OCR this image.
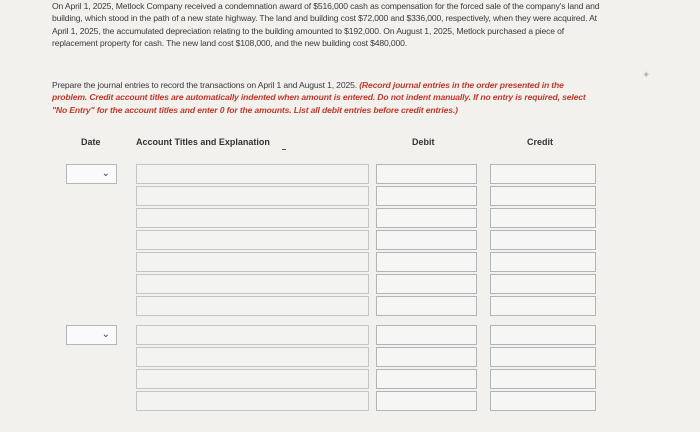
On April 1, 2025, Metlock Company received a condemnation award of $516,000 cash as compensation for the forced sale of the company's land and building, which stood in the path of a new state highway. The land and building cost $72,000 and $336,000, respectively, when they were acquired. At April 1, 2025, the accumulated depreciation relating to the building amounted to $192,000. On August 1, 2025, Metlock purchased a piece of replacement property for cash. The new land cost $108,000, and the new building cost $480,000.

Prepare the journal entries to record the transactions on April 1 and August 1, 2025. (Record journal entries in the order presented in the problem. Credit account titles are automatically indented when amount is entered. Do not indent manually. If no entry is required, select "No Entry" for the account titles and enter 0 for the amounts. List all debit entries before credit entries.)
Date	Account Titles and Explanation	Debit	Credit
⌄
⌄
✦
